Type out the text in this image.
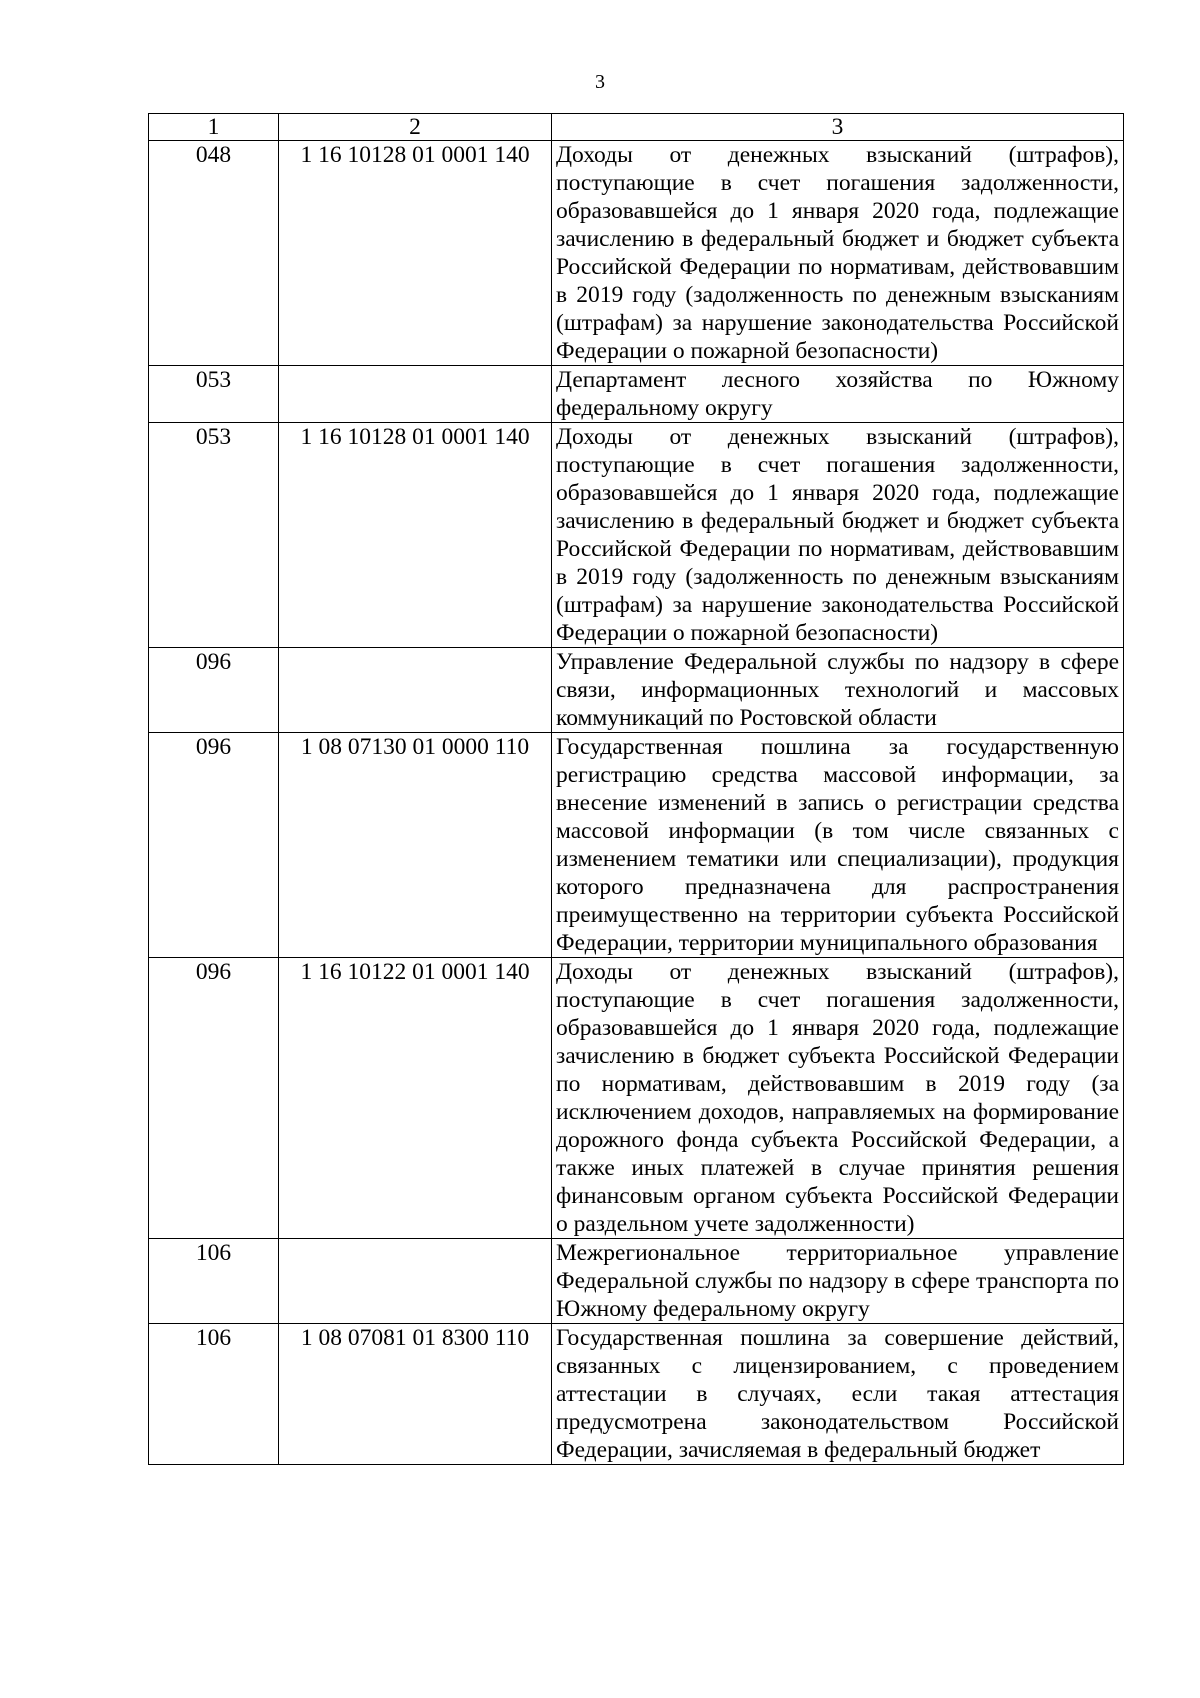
3
1	2	3
048	1 16 10128 01 0001 140	Доходы от денежных взысканий (штрафов), поступающие в счет погашения задолженности, образовавшейся до 1 января 2020 года, подлежащие зачислению в федеральный бюджет и бюджет субъекта Российской Федерации по нормативам, действовавшим в 2019 году (задолженность по денежным взысканиям (штрафам) за нарушение законодательства Российской Федерации о пожарной безопасности)
053		Департамент лесного хозяйства по Южному федеральному округу
053	1 16 10128 01 0001 140	Доходы от денежных взысканий (штрафов), поступающие в счет погашения задолженности, образовавшейся до 1 января 2020 года, подлежащие зачислению в федеральный бюджет и бюджет субъекта Российской Федерации по нормативам, действовавшим в 2019 году (задолженность по денежным взысканиям (штрафам) за нарушение законодательства Российской Федерации о пожарной безопасности)
096		Управление Федеральной службы по надзору в сфере связи, информационных технологий и массовых коммуникаций по Ростовской области
096	1 08 07130 01 0000 110	Государственная пошлина за государственную регистрацию средства массовой информации, за внесение изменений в запись о регистрации средства массовой информации (в том числе связанных с изменением тематики или специализации), продукция которого предназначена для распространения преимущественно на территории субъекта Российской Федерации, территории муниципального образования
096	1 16 10122 01 0001 140	Доходы от денежных взысканий (штрафов), поступающие в счет погашения задолженности, образовавшейся до 1 января 2020 года, подлежащие зачислению в бюджет субъекта Российской Федерации по нормативам, действовавшим в 2019 году (за исключением доходов, направляемых на формирование дорожного фонда субъекта Российской Федерации, а также иных платежей в случае принятия решения финансовым органом субъекта Российской Федерации о раздельном учете задолженности)
106		Межрегиональное территориальное управление Федеральной службы по надзору в сфере транспорта по Южному федеральному округу

106	1 08 07081 01 8300 110	Государственная пошлина за совершение действий, связанных с лицензированием, с проведением аттестации в случаях, если такая аттестация предусмотрена законодательством Российской Федерации, зачисляемая в федеральный бюджет
